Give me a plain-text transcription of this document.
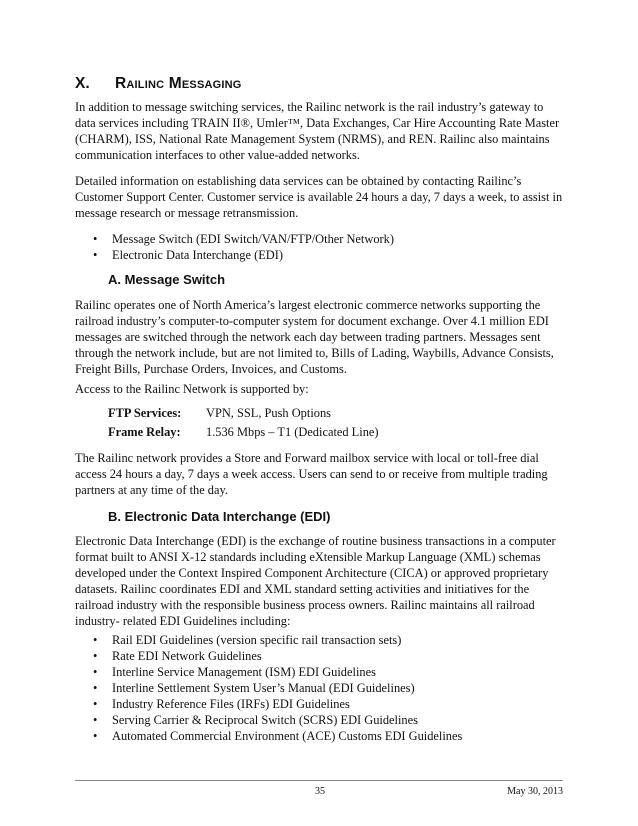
X. Railinc Messaging

In addition to message switching services, the Railinc network is the rail industry’s gateway to data services including TRAIN II®, Umler™, Data Exchanges, Car Hire Accounting Rate Master (CHARM), ISS, National Rate Management System (NRMS), and REN. Railinc also maintains communication interfaces to other value-added networks.

Detailed information on establishing data services can be obtained by contacting Railinc’s Customer Support Center. Customer service is available 24 hours a day, 7 days a week, to assist in message research or message retransmission.

• Message Switch (EDI Switch/VAN/FTP/Other Network)
• Electronic Data Interchange (EDI)
A. Message Switch

Railinc operates one of North America’s largest electronic commerce networks supporting the railroad industry’s computer-to-computer system for document exchange. Over 4.1 million EDI messages are switched through the network each day between trading partners. Messages sent through the network include, but are not limited to, Bills of Lading, Waybills, Advance Consists, Freight Bills, Purchase Orders, Invoices, and Customs.

Access to the Railinc Network is supported by:

FTP Services: VPN, SSL, Push Options
Frame Relay: 1.536 Mbps – T1 (Dedicated Line)

The Railinc network provides a Store and Forward mailbox service with local or toll-free dial access 24 hours a day, 7 days a week access. Users can send to or receive from multiple trading partners at any time of the day.

B. Electronic Data Interchange (EDI)

Electronic Data Interchange (EDI) is the exchange of routine business transactions in a computer format built to ANSI X-12 standards including eXtensible Markup Language (XML) schemas developed under the Context Inspired Component Architecture (CICA) or approved proprietary datasets. Railinc coordinates EDI and XML standard setting activities and initiatives for the railroad industry with the responsible business process owners. Railinc maintains all railroad industry- related EDI Guidelines including:

• Rail EDI Guidelines (version specific rail transaction sets)
• Rate EDI Network Guidelines
• Interline Service Management (ISM) EDI Guidelines
• Interline Settlement System User’s Manual (EDI Guidelines)
• Industry Reference Files (IRFs) EDI Guidelines
• Serving Carrier & Reciprocal Switch (SCRS) EDI Guidelines
• Automated Commercial Environment (ACE) Customs EDI Guidelines
35	May 30, 2013
